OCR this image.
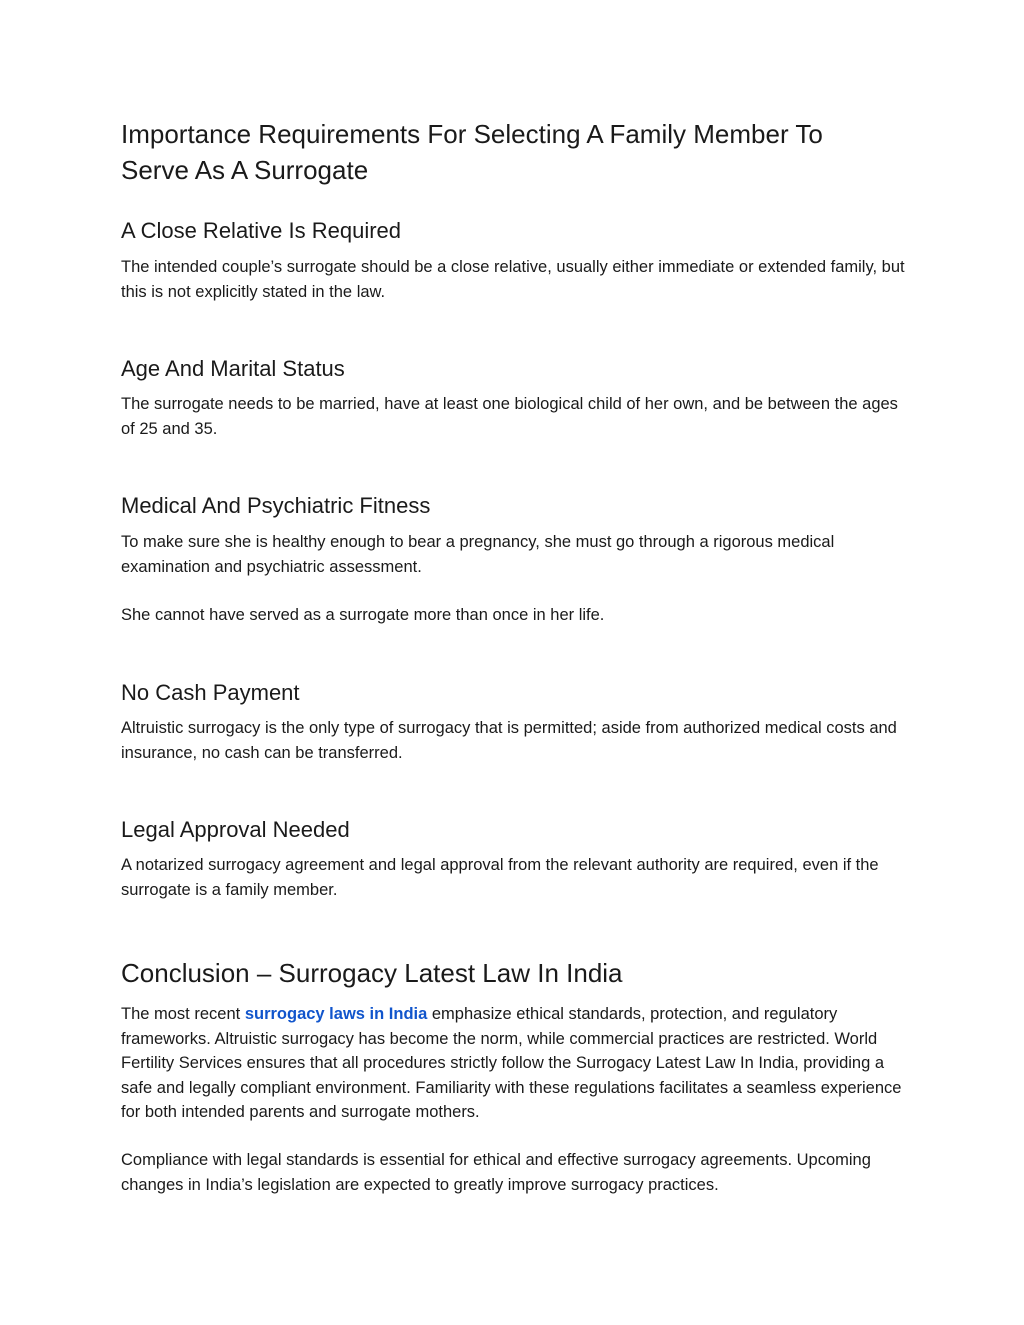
Importance Requirements For Selecting A Family Member To Serve As A Surrogate
A Close Relative Is Required

The intended couple’s surrogate should be a close relative, usually either immediate or extended family, but this is not explicitly stated in the law.

Age And Marital Status

The surrogate needs to be married, have at least one biological child of her own, and be between the ages of 25 and 35.

Medical And Psychiatric Fitness

To make sure she is healthy enough to bear a pregnancy, she must go through a rigorous medical examination and psychiatric assessment.

She cannot have served as a surrogate more than once in her life.

No Cash Payment

Altruistic surrogacy is the only type of surrogacy that is permitted; aside from authorized medical costs and insurance, no cash can be transferred.

Legal Approval Needed

A notarized surrogacy agreement and legal approval from the relevant authority are required, even if the surrogate is a family member.

Conclusion – Surrogacy Latest Law In India

The most recent surrogacy laws in India emphasize ethical standards, protection, and regulatory frameworks. Altruistic surrogacy has become the norm, while commercial practices are restricted. World Fertility Services ensures that all procedures strictly follow the Surrogacy Latest Law In India, providing a safe and legally compliant environment. Familiarity with these regulations facilitates a seamless experience for both intended parents and surrogate mothers.

Compliance with legal standards is essential for ethical and effective surrogacy agreements. Upcoming changes in India’s legislation are expected to greatly improve surrogacy practices.
